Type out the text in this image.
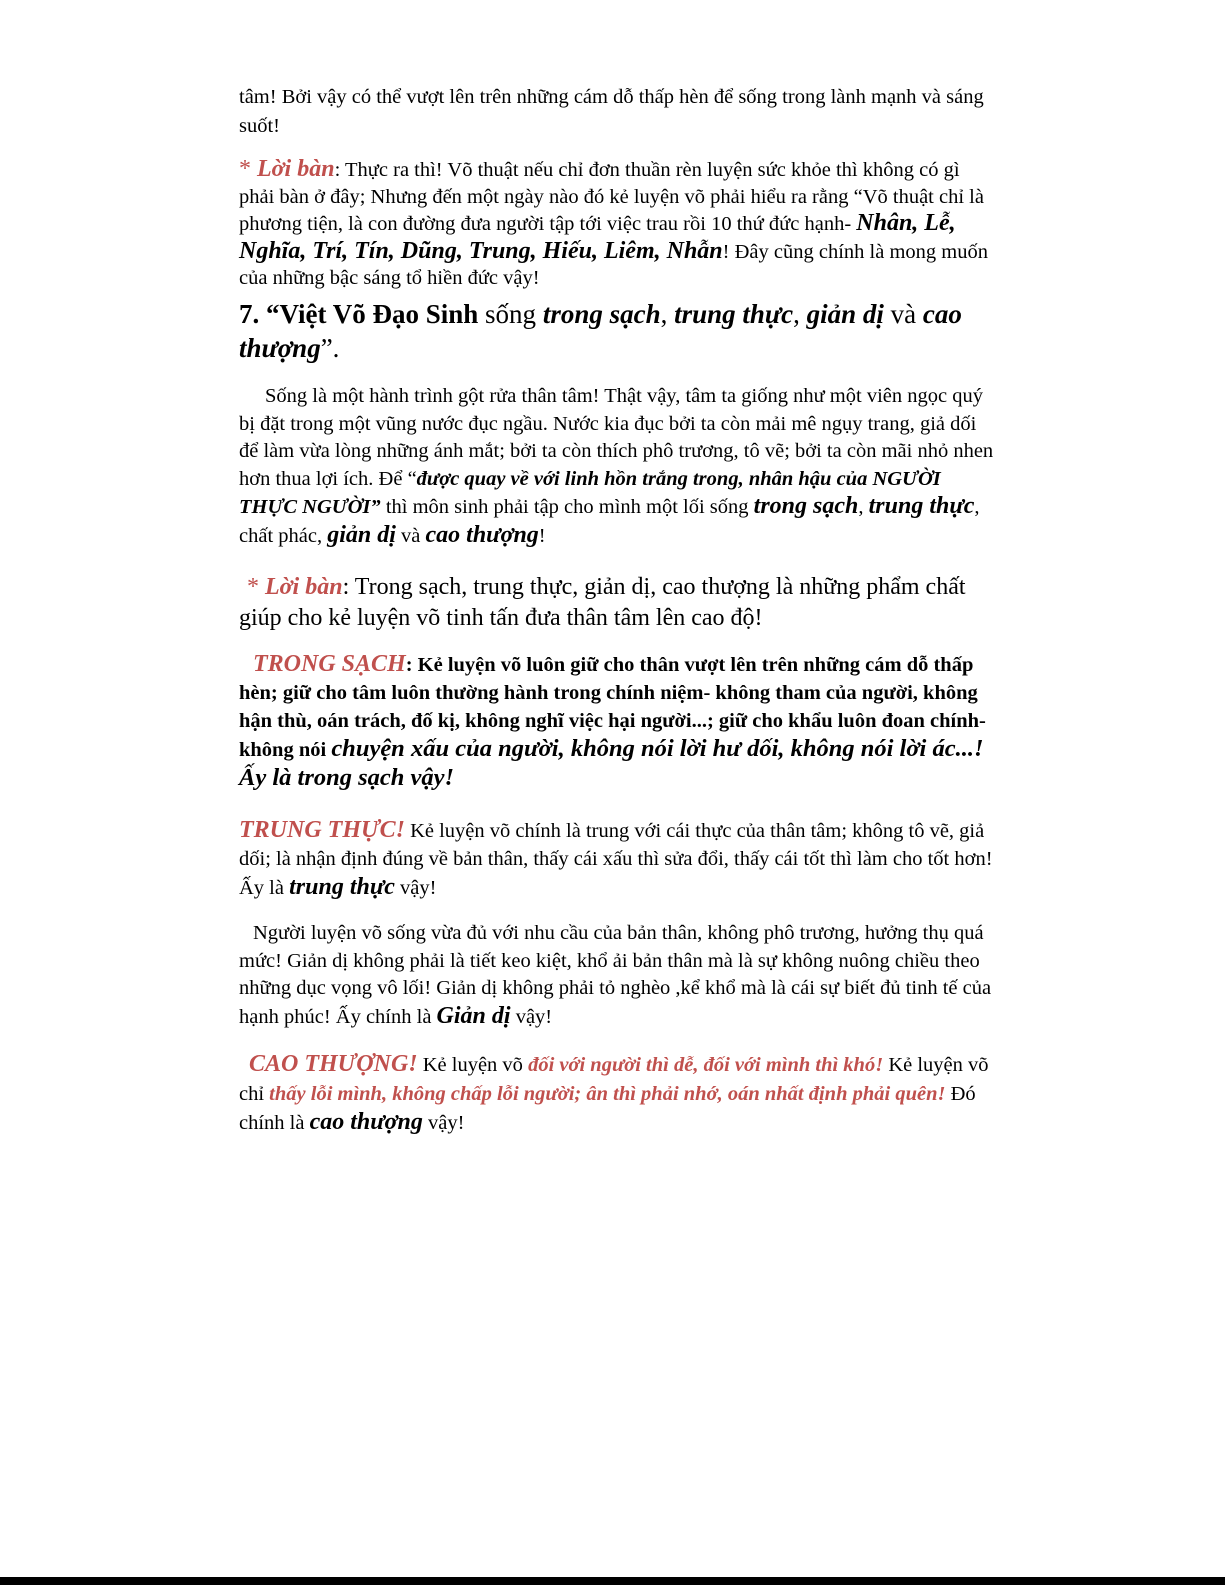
tâm! Bởi vậy có thể vượt lên trên những cám dỗ thấp hèn để sống trong lành mạnh và sáng
suốt!

* Lời bàn: Thực ra thì! Võ thuật nếu chỉ đơn thuần rèn luyện sức khỏe thì không có gì phải bàn ở đây; Nhưng đến một ngày nào đó kẻ luyện võ phải hiểu ra rằng “Võ thuật chỉ là phương tiện, là con đường đưa người tập tới việc trau rồi 10 thứ đức hạnh- Nhân, Lễ, Nghĩa, Trí, Tín, Dũng, Trung, Hiếu, Liêm, Nhẫn! Đây cũng chính là mong muốn của những bậc sáng tổ hiền đức vậy!

7. “Việt Võ Đạo Sinh sống trong sạch, trung thực, giản dị và cao thượng”.

Sống là một hành trình gột rửa thân tâm! Thật vậy, tâm ta giống như một viên ngọc quý bị đặt trong một vũng nước đục ngầu. Nước kia đục bởi ta còn mải mê ngụy trang, giả dối để làm vừa lòng những ánh mắt; bởi ta còn thích phô trương, tô vẽ; bởi ta còn mãi nhỏ nhen hơn thua lợi ích. Để “được quay về với linh hồn trắng trong, nhân hậu của NGƯỜI THỰC NGƯỜI” thì môn sinh phải tập cho mình một lối sống trong sạch, trung thực, chất phác, giản dị và cao thượng!

* Lời bàn: Trong sạch, trung thực, giản dị, cao thượng là những phẩm chất giúp cho kẻ luyện võ tinh tấn đưa thân tâm lên cao độ!

TRONG SẠCH: Kẻ luyện võ luôn giữ cho thân vượt lên trên những cám dỗ thấp hèn; giữ cho tâm luôn thường hành trong chính niệm- không tham của người, không hận thù, oán trách, đố kị, không nghĩ việc hại người...; giữ cho khẩu luôn đoan chính- không nói chuyện xấu của người, không nói lời hư dối, không nói lời ác...! Ấy là trong sạch vậy!

TRUNG THỰC! Kẻ luyện võ chính là trung với cái thực của thân tâm; không tô vẽ, giả dối; là nhận định đúng về bản thân, thấy cái xấu thì sửa đổi, thấy cái tốt thì làm cho tốt hơn! Ấy là trung thực vậy!

Người luyện võ sống vừa đủ với nhu cầu của bản thân, không phô trương, hưởng thụ quá mức! Giản dị không phải là tiết keo kiệt, khổ ải bản thân mà là sự không nuông chiều theo những dục vọng vô lối! Giản dị không phải tỏ nghèo ,kể khổ mà là cái sự biết đủ tinh tế của hạnh phúc! Ấy chính là Giản dị vậy!

CAO THƯỢNG! Kẻ luyện võ đối với người thì dễ, đối với mình thì khó! Kẻ luyện võ chỉ thấy lỗi mình, không chấp lỗi người; ân thì phải nhớ, oán nhất định phải quên! Đó chính là cao thượng vậy!
